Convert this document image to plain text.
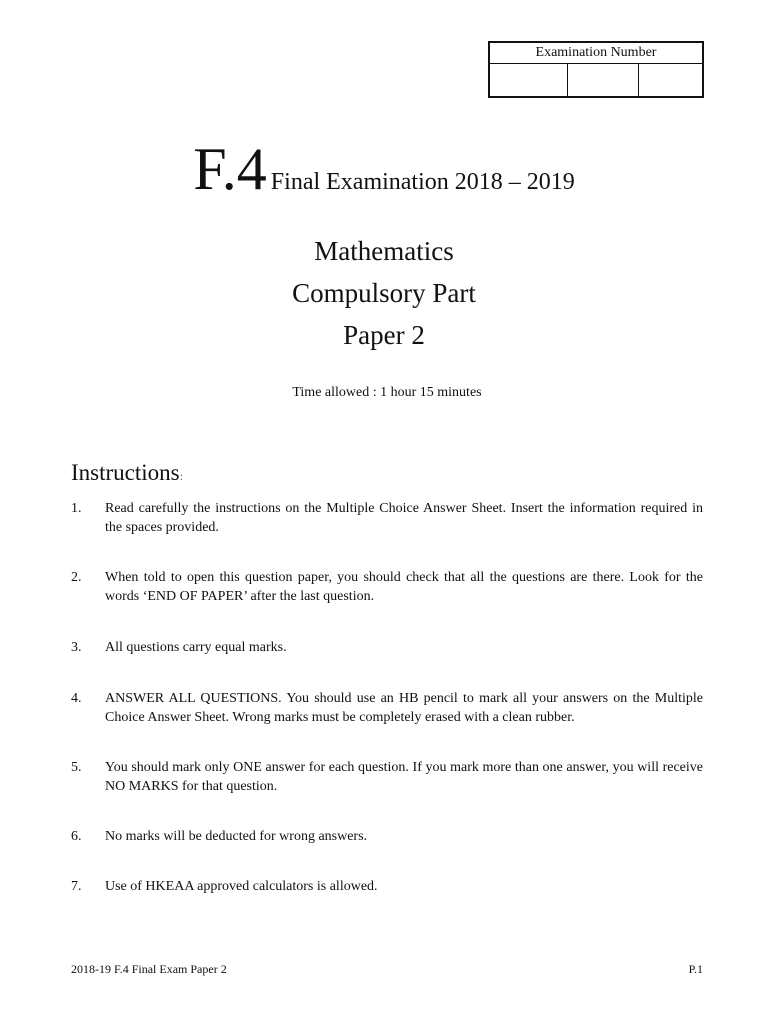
Examination Number
F.4 Final Examination 2018 – 2019
Mathematics
Compulsory Part
Paper 2
Time allowed : 1 hour 15 minutes
Instructions:
1.	Read carefully the instructions on the Multiple Choice Answer Sheet. Insert the information required in the spaces provided.
2.	When told to open this question paper, you should check that all the questions are there. Look for the words ‘END OF PAPER’ after the last question.
3.	All questions carry equal marks.
4.	ANSWER ALL QUESTIONS. You should use an HB pencil to mark all your answers on the Multiple Choice Answer Sheet. Wrong marks must be completely erased with a clean rubber.
5.	You should mark only ONE answer for each question. If you mark more than one answer, you will receive NO MARKS for that question.
6.	No marks will be deducted for wrong answers.
7.	Use of HKEAA approved calculators is allowed.
2018-19 F.4 Final Exam Paper 2	P.1
